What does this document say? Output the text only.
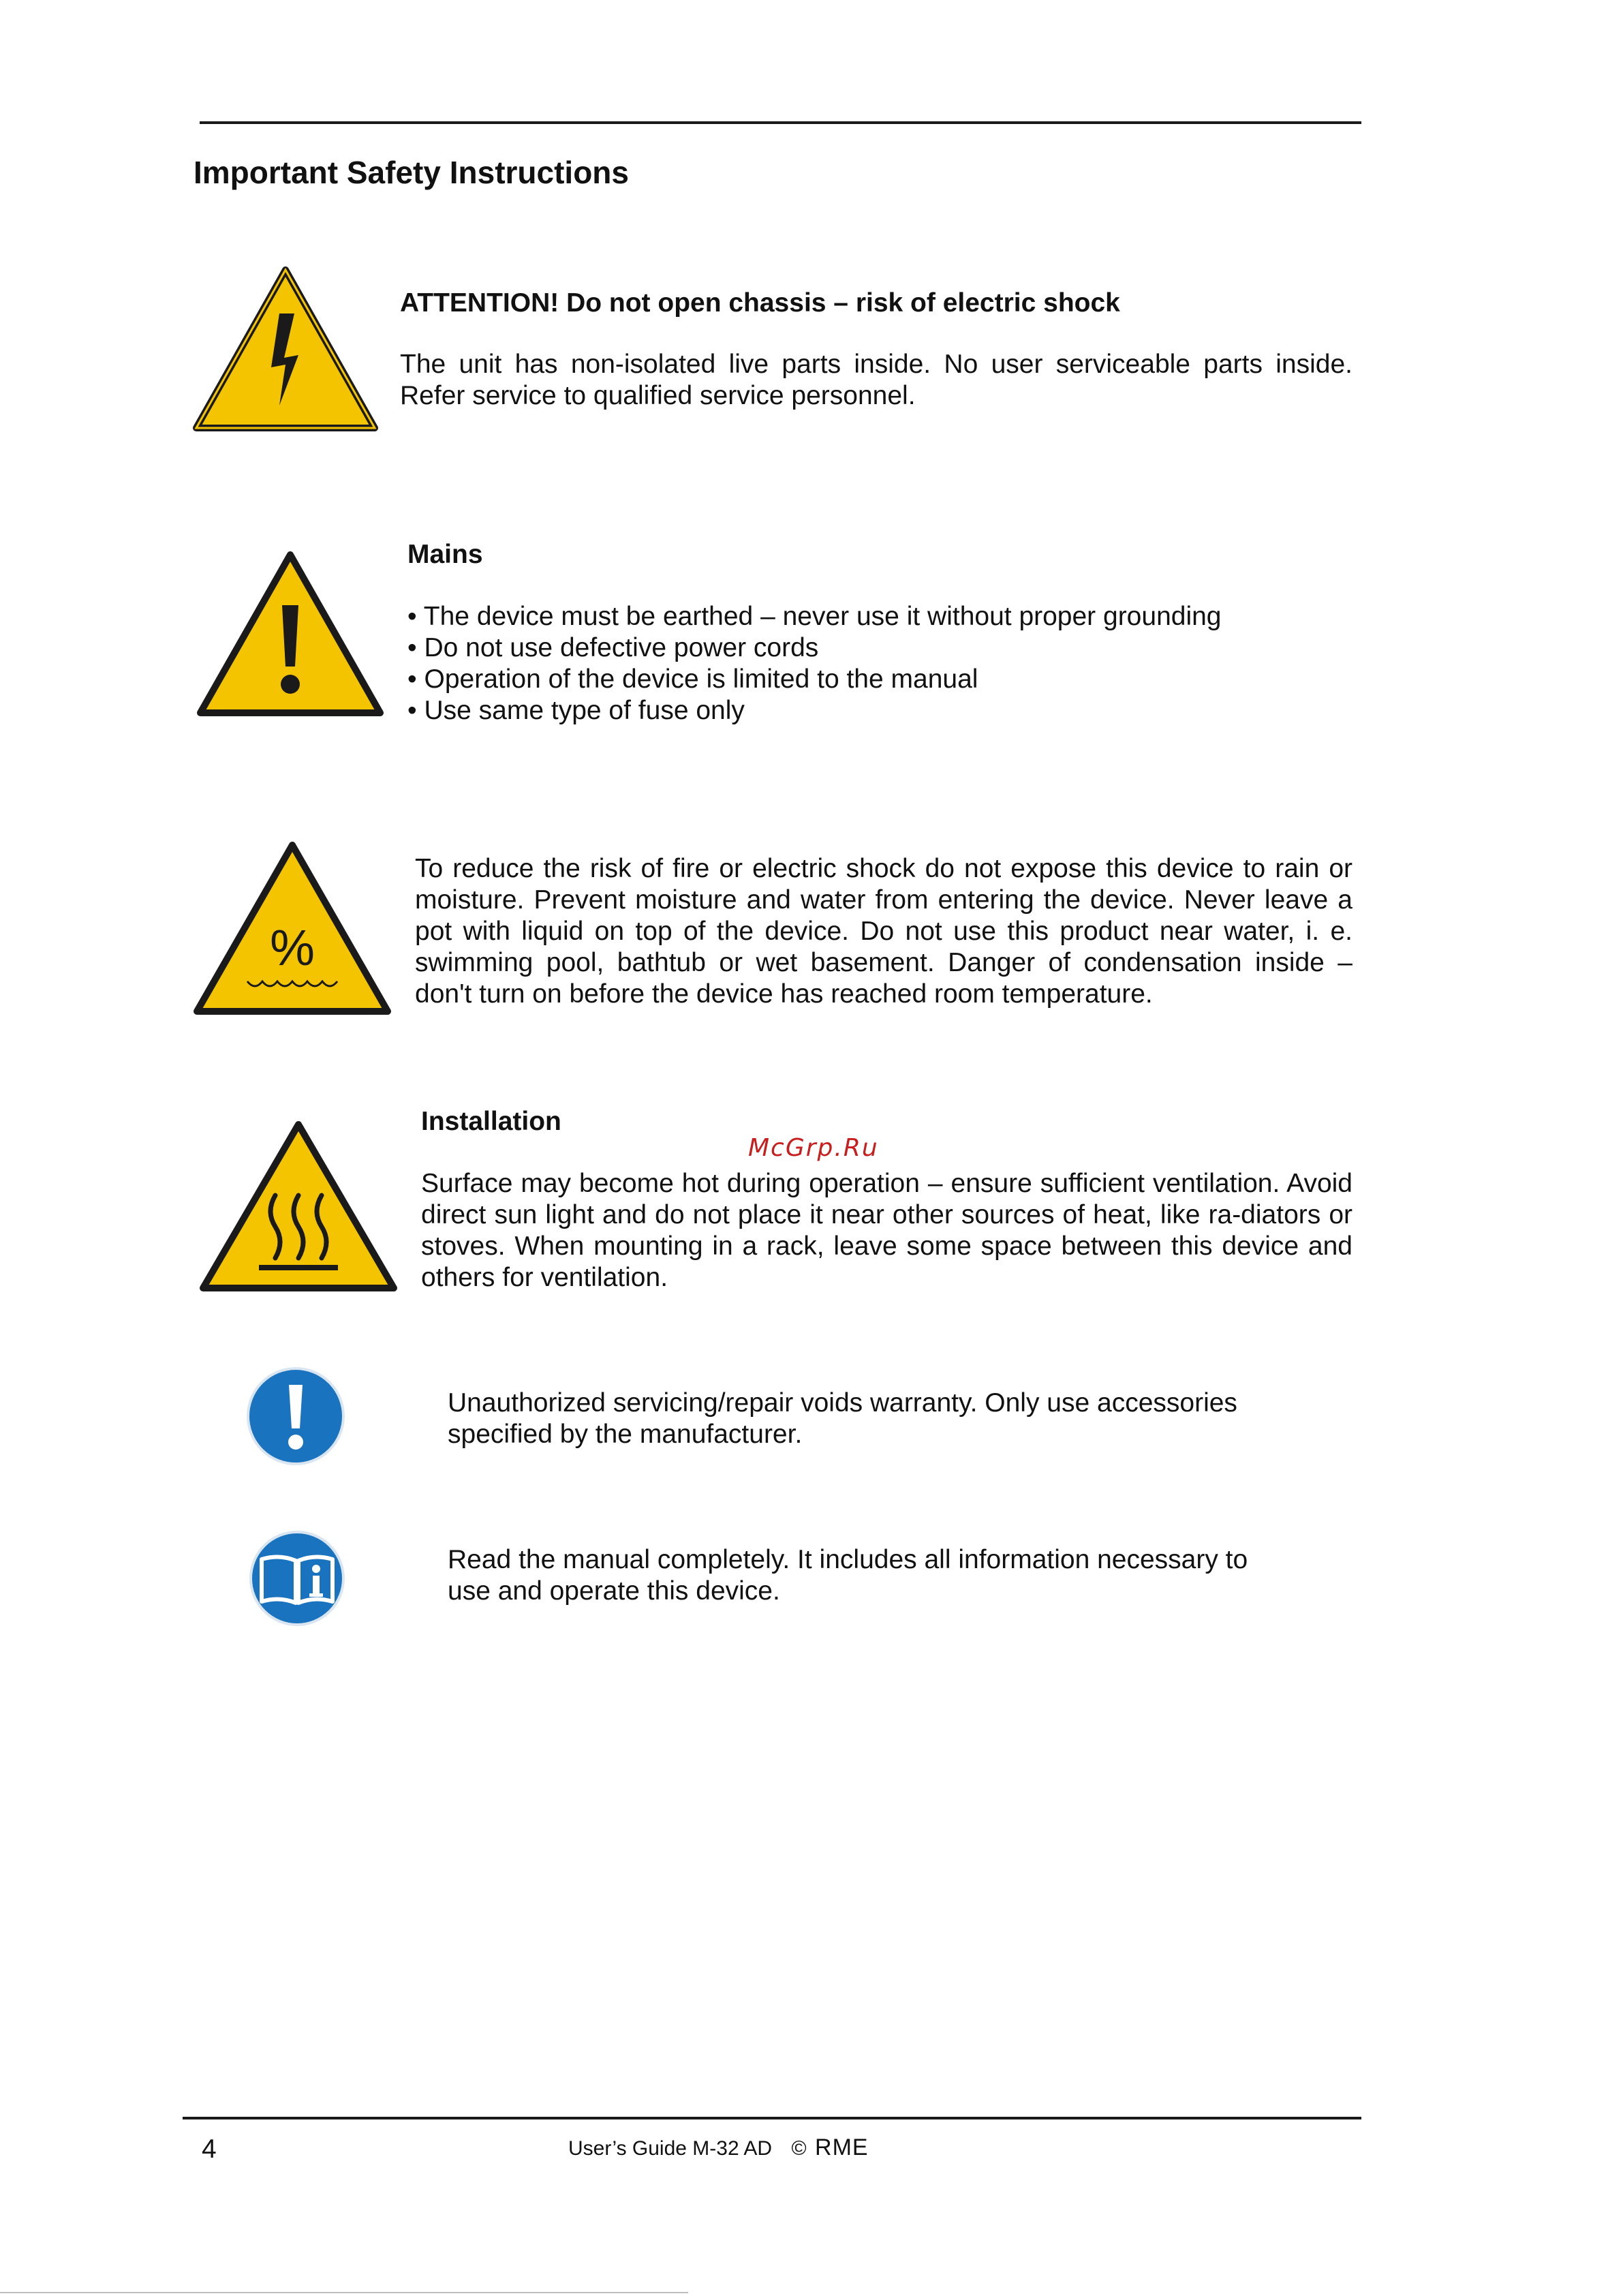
Important Safety Instructions
ATTENTION! Do not open chassis – risk of electric shock
The unit has non-isolated live parts inside. No user serviceable parts inside. Refer service to qualified service personnel.
Mains
• The device must be earthed – never use it without proper grounding
• Do not use defective power cords
• Operation of the device is limited to the manual
• Use same type of fuse only
%
To reduce the risk of fire or electric shock do not expose this device to rain or moisture. Prevent moisture and water from entering the device. Never leave a pot with liquid on top of the device. Do not use this product near water, i. e. swimming pool, bathtub or wet basement. Danger of condensation inside – don't turn on before the device has reached room temperature.
Installation
McGrp.Ru
Surface may become hot during operation – ensure sufficient ventilation. Avoid direct sun light and do not place it near other sources of heat, like ra-diators or stoves. When mounting in a rack, leave some space between this device and others for ventilation.
Unauthorized servicing/repair voids warranty. Only use accessories specified by the manufacturer.
Read the manual completely. It includes all information necessary to use and operate this device.
4	User’s Guide M-32 AD © RME
